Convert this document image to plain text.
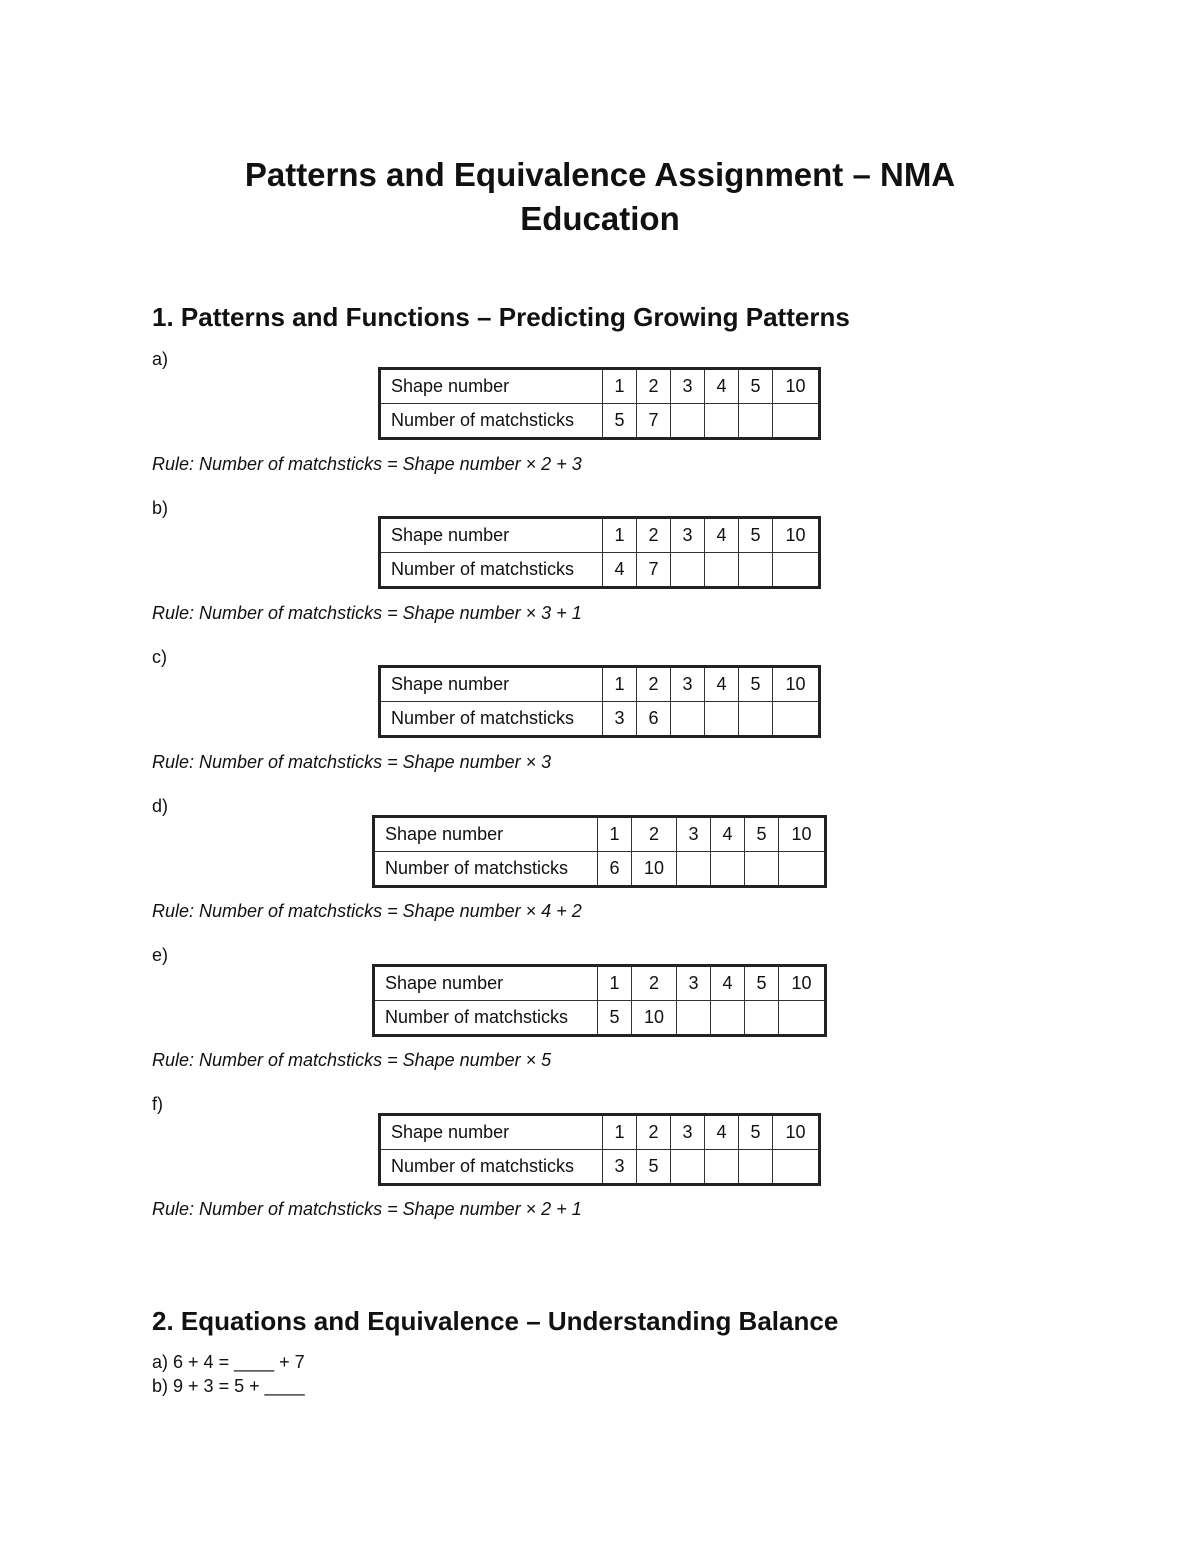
Patterns and Equivalence Assignment – NMA
Education
1. Patterns and Functions – Predicting Growing Patterns
a)
Shape number	1	2	3	4	5	10
Number of matchsticks	5	7				
Rule: Number of matchsticks = Shape number × 2 + 3
b)
Shape number	1	2	3	4	5	10
Number of matchsticks	4	7				
Rule: Number of matchsticks = Shape number × 3 + 1
c)
Shape number	1	2	3	4	5	10
Number of matchsticks	3	6				
Rule: Number of matchsticks = Shape number × 3
d)
Shape number	1	2	3	4	5	10
Number of matchsticks	6	10				
Rule: Number of matchsticks = Shape number × 4 + 2
e)
Shape number	1	2	3	4	5	10
Number of matchsticks	5	10				
Rule: Number of matchsticks = Shape number × 5
f)
Shape number	1	2	3	4	5	10
Number of matchsticks	3	5				
Rule: Number of matchsticks = Shape number × 2 + 1
2. Equations and Equivalence – Understanding Balance
a) 6 + 4 = ____ + 7
b) 9 + 3 = 5 + ____
